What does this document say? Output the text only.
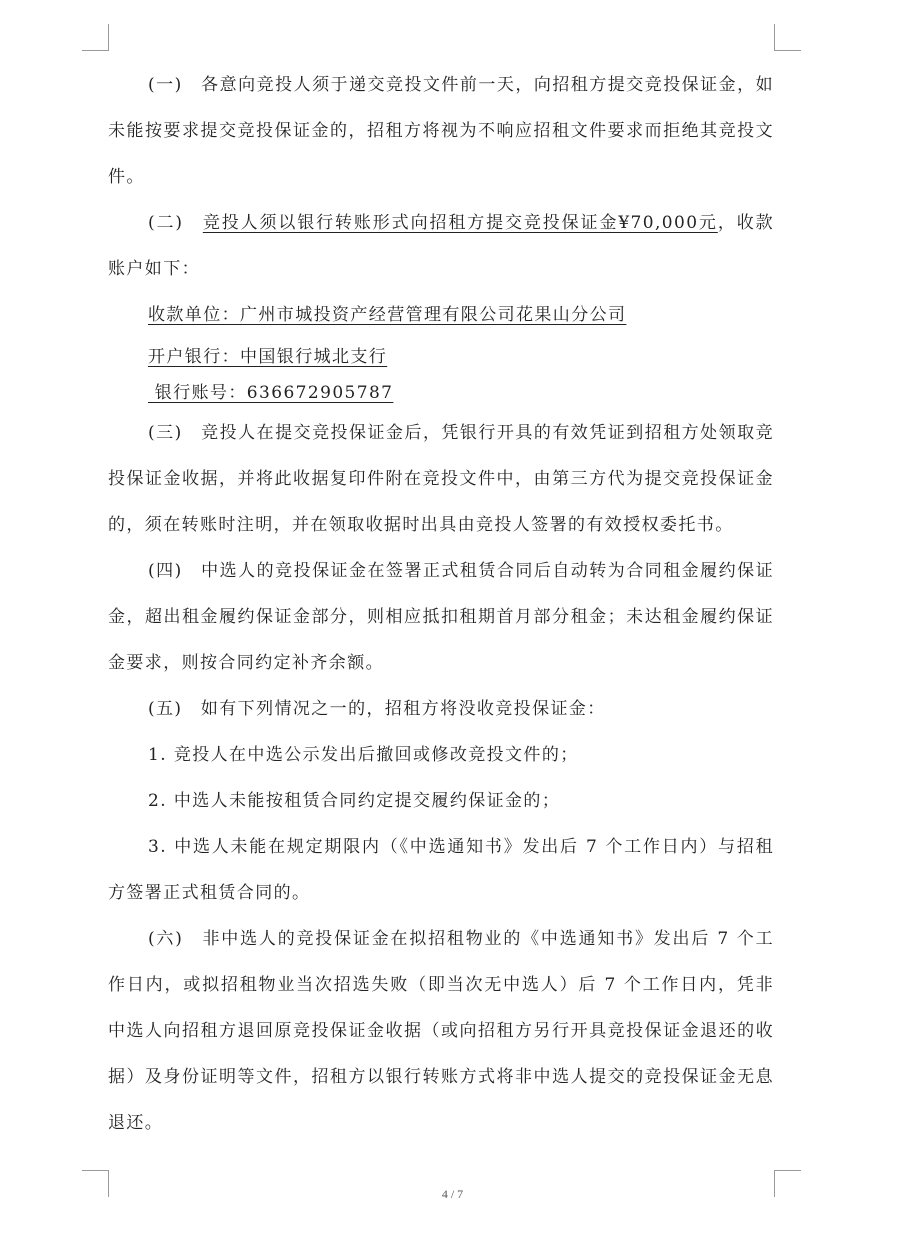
(一)　各意向竞投人须于递交竞投文件前一天，向招租方提交竞投保证金，如未能按要求提交竞投保证金的，招租方将视为不响应招租文件要求而拒绝其竞投文件。

(二)　竞投人须以银行转账形式向招租方提交竞投保证金¥70,000元，收款账户如下：

收款单位：广州市城投资产经营管理有限公司花果山分公司

开户银行：中国银行城北支行

银行账号：636672905787

(三)　竞投人在提交竞投保证金后，凭银行开具的有效凭证到招租方处领取竞投保证金收据，并将此收据复印件附在竞投文件中，由第三方代为提交竞投保证金的，须在转账时注明，并在领取收据时出具由竞投人签署的有效授权委托书。

(四)　中选人的竞投保证金在签署正式租赁合同后自动转为合同租金履约保证金，超出租金履约保证金部分，则相应抵扣租期首月部分租金；未达租金履约保证金要求，则按合同约定补齐余额。

(五)　如有下列情况之一的，招租方将没收竞投保证金：

1. 竞投人在中选公示发出后撤回或修改竞投文件的；

2. 中选人未能按租赁合同约定提交履约保证金的；

3. 中选人未能在规定期限内（《中选通知书》发出后 7 个工作日内）与招租方签署正式租赁合同的。

(六)　非中选人的竞投保证金在拟招租物业的《中选通知书》发出后 7 个工作日内，或拟招租物业当次招选失败（即当次无中选人）后 7 个工作日内，凭非中选人向招租方退回原竞投保证金收据（或向招租方另行开具竞投保证金退还的收据）及身份证明等文件，招租方以银行转账方式将非中选人提交的竞投保证金无息退还。

4 / 7
